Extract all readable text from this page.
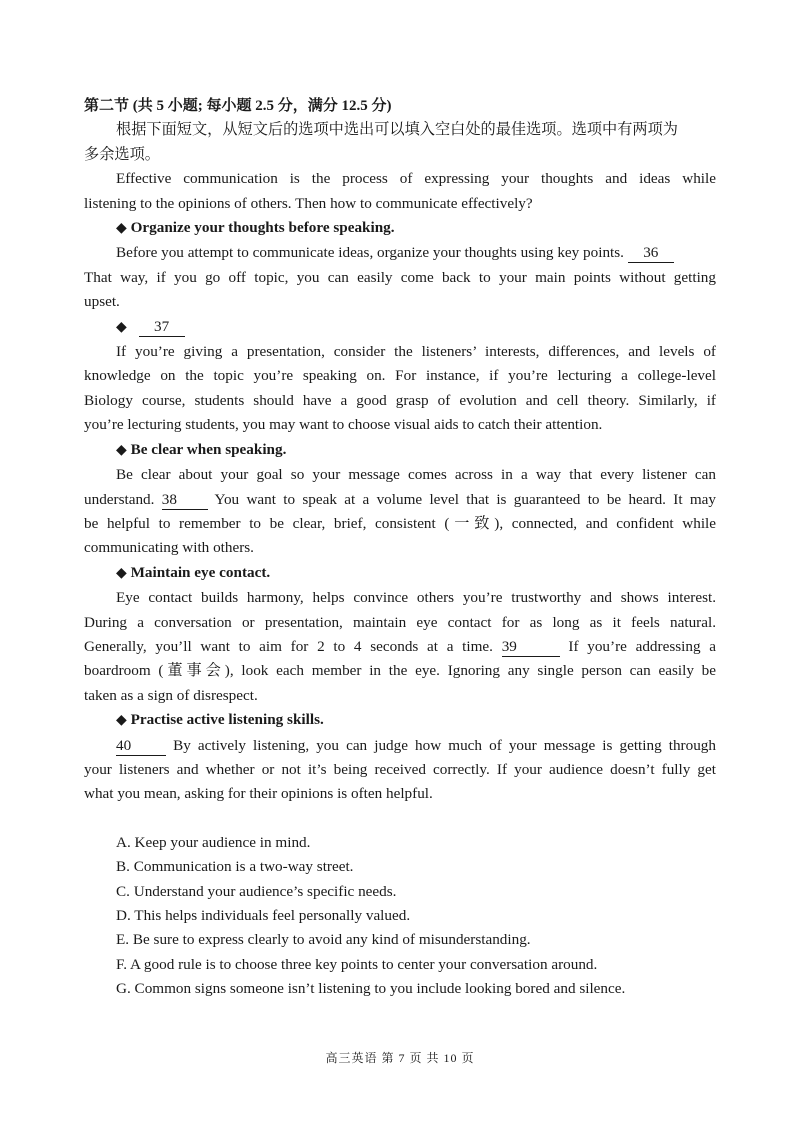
第二节 (共 5 小题; 每小题 2.5 分，满分 12.5 分)
根据下面短文，从短文后的选项中选出可以填入空白处的最佳选项。选项中有两项为
多余选项。
Effective communication is the process of expressing your thoughts and ideas while
listening to the opinions of others. Then how to communicate effectively?
◆ Organize your thoughts before speaking.
Before you attempt to communicate ideas, organize your thoughts using key points. 36
That way, if you go off topic, you can easily come back to your main points without getting
upset.
◆ 37
If you’re giving a presentation, consider the listeners’ interests, differences, and levels of
knowledge on the topic you’re speaking on. For instance, if you’re lecturing a college-level
Biology course, students should have a good grasp of evolution and cell theory. Similarly, if
you’re lecturing students, you may want to choose visual aids to catch their attention.
◆ Be clear when speaking.
Be clear about your goal so your message comes across in a way that every listener can
understand. 38 You want to speak at a volume level that is guaranteed to be heard. It may
be helpful to remember to be clear, brief, consistent (一致), connected, and confident while
communicating with others.
◆ Maintain eye contact.
Eye contact builds harmony, helps convince others you’re trustworthy and shows interest.
During a conversation or presentation, maintain eye contact for as long as it feels natural.
Generally, you’ll want to aim for 2 to 4 seconds at a time. 39	If you’re addressing a
boardroom (董事会), look each member in the eye. Ignoring any single person can easily be
taken as a sign of disrespect.
◆ Practise active listening skills.
40	By actively listening, you can judge how much of your message is getting through
your listeners and whether or not it’s being received correctly. If your audience doesn’t fully get
what you mean, asking for their opinions is often helpful.
A. Keep your audience in mind.
B. Communication is a two-way street.
C. Understand your audience’s specific needs.
D. This helps individuals feel personally valued.
E. Be sure to express clearly to avoid any kind of misunderstanding.
F. A good rule is to choose three key points to center your conversation around.
G. Common signs someone isn’t listening to you include looking bored and silence.
高三英语 第 7 页 共 10 页
